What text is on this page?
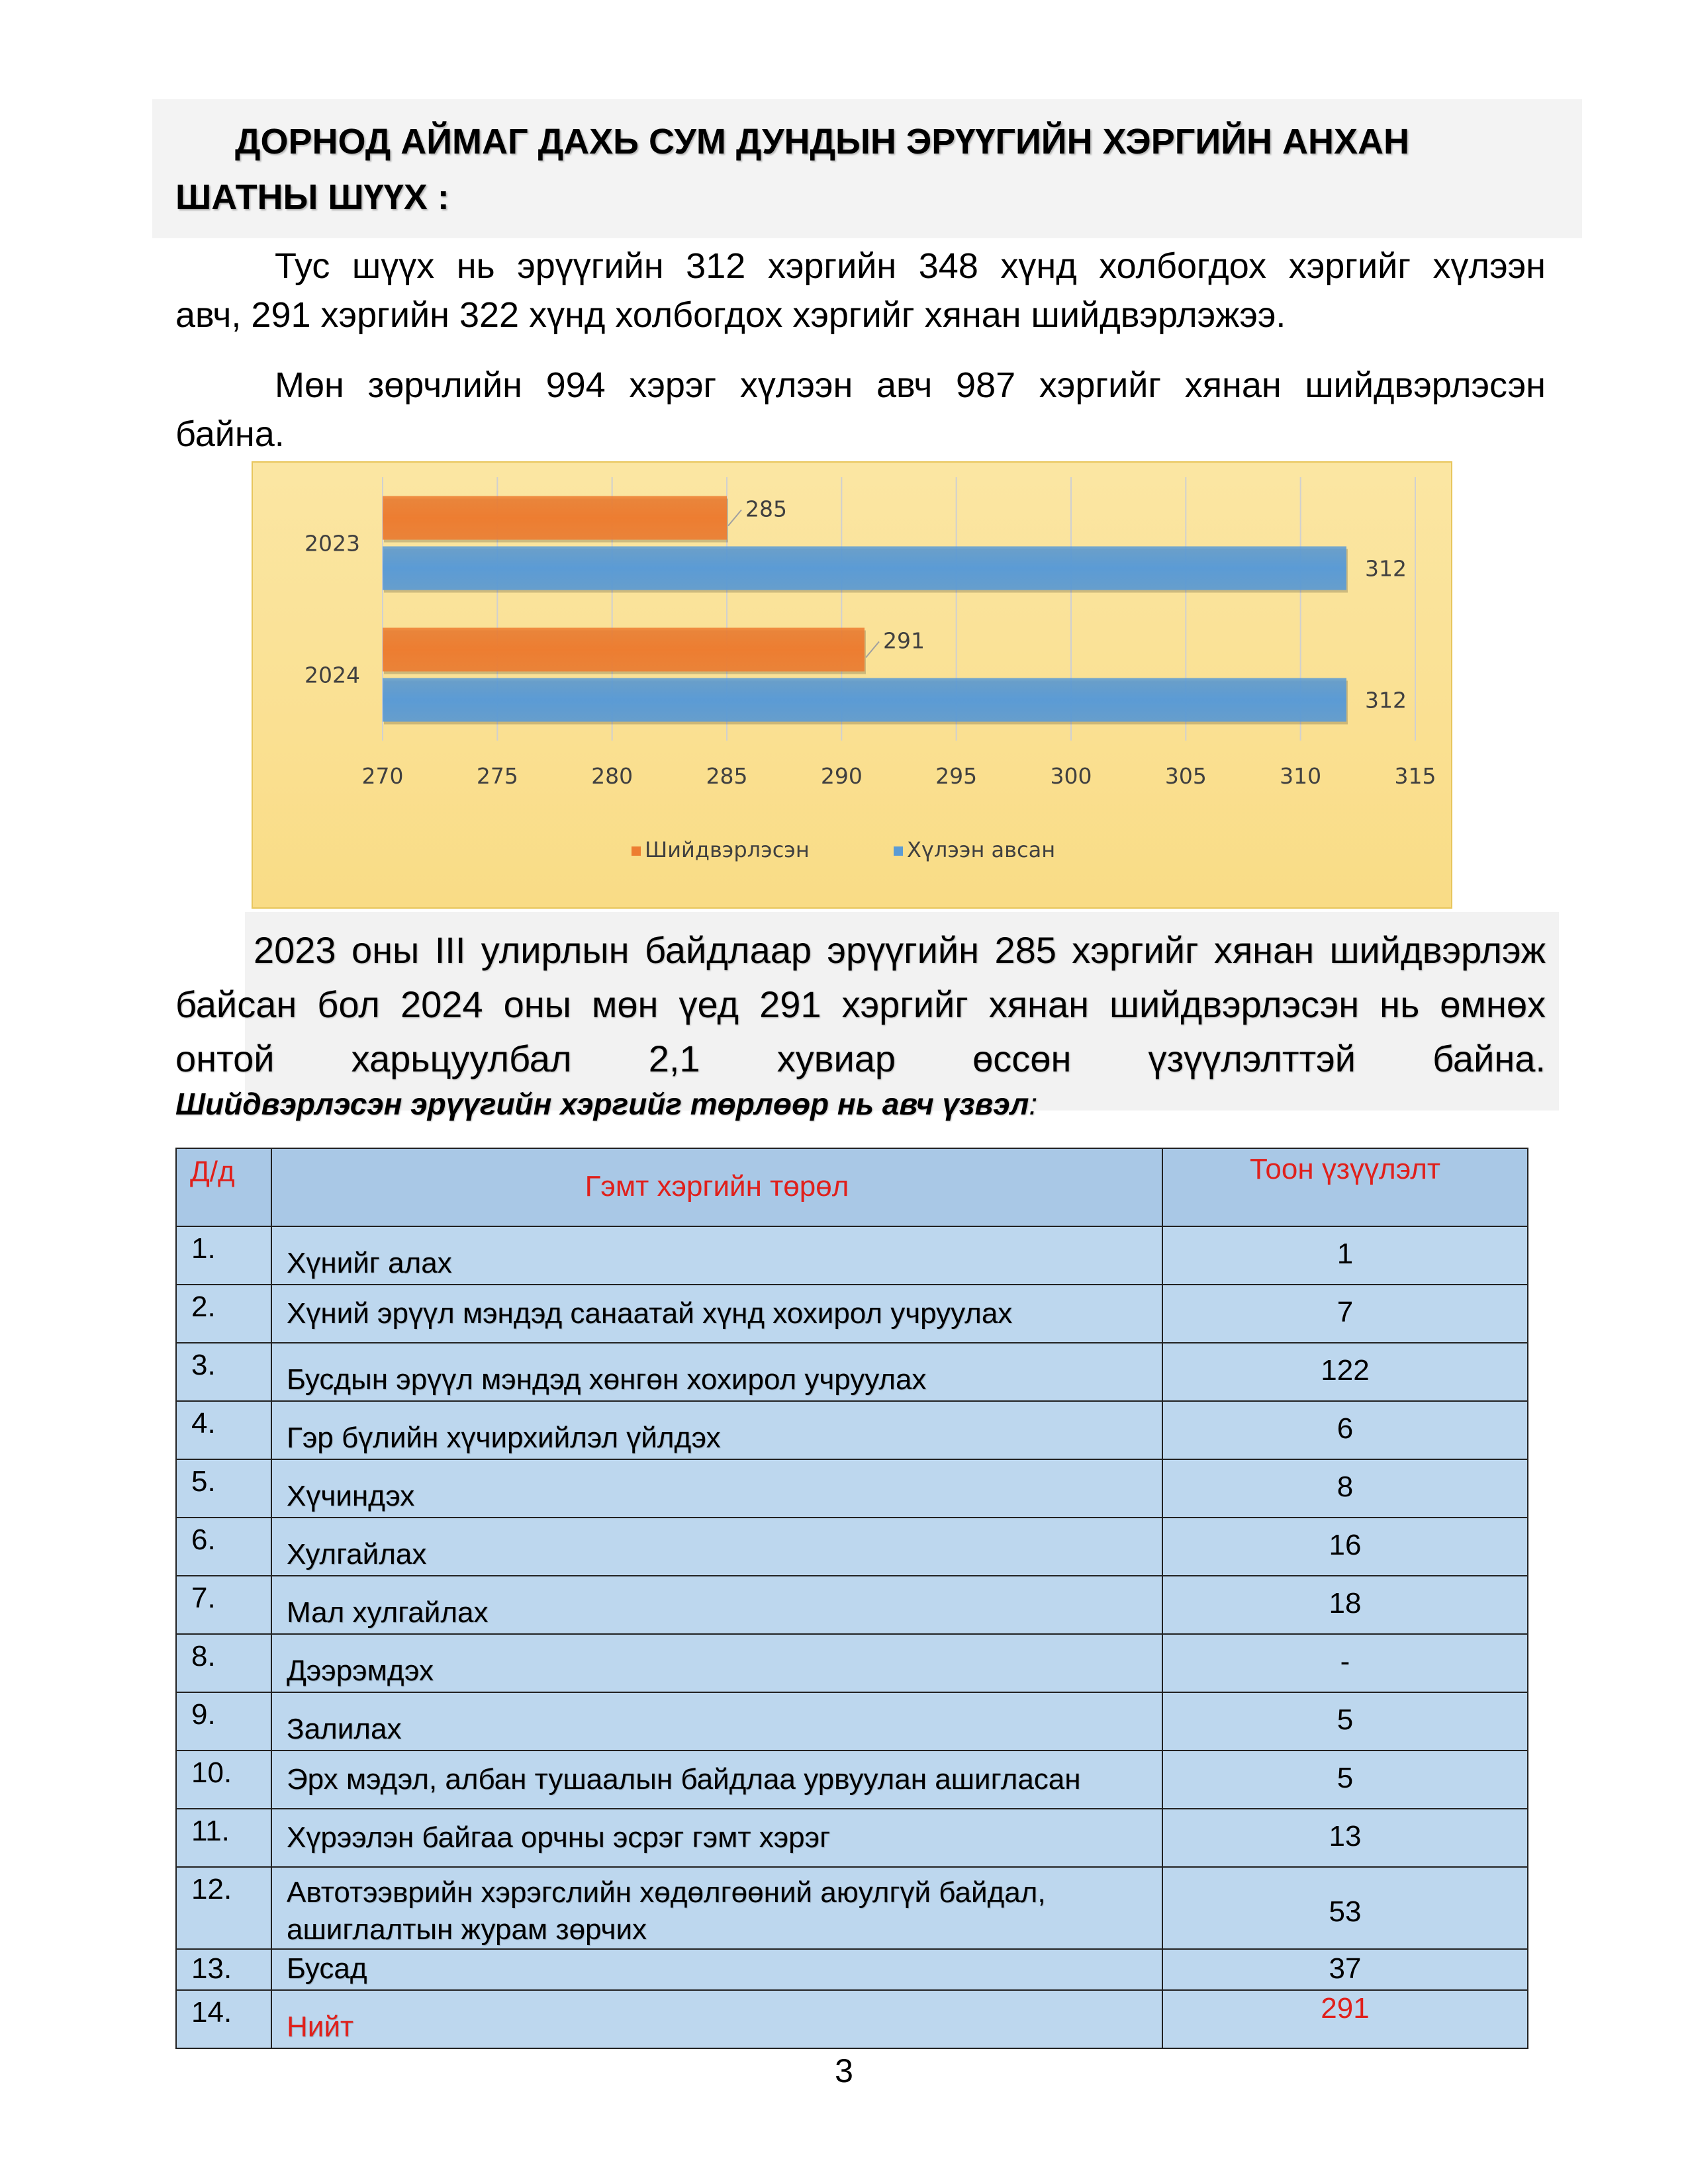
ДОРНОД АЙМАГ ДАХЬ СУМ ДУНДЫН ЭРҮҮГИЙН ХЭРГИЙН АНХАН
ШАТНЫ ШҮҮХ :
Тус шүүх нь эрүүгийн 312 хэргийн 348 хүнд холбогдох хэргийг хүлээн
авч, 291 хэргийн 322 хүнд холбогдох хэргийг хянан шийдвэрлэжээ.
Мөн зөрчлийн 994 хэрэг хүлээн авч 987 хэргийг хянан шийдвэрлэсэн
байна.
270	275	280	285	290	295	300	305	310	315
2023
285
312
2024
291
312
Шийдвэрлэсэн	Хүлээн авсан
2023 оны III улирлын байдлаар эрүүгийн 285 хэргийг хянан шийдвэрлэж
байсан бол 2024 оны мөн үед 291 хэргийг хянан шийдвэрлэсэн нь өмнөх
онтой харьцуулбал 2,1 хувиар өссөн үзүүлэлттэй байна.
Шийдвэрлэсэн эрүүгийн хэргийг төрлөөр нь авч үзвэл:
Д/д	Гэмт хэргийн төрөл	Тоон үзүүлэлт
1.	Хүнийг алах	1
2.	Хүний эрүүл мэндэд санаатай хүнд хохирол учруулах	7
3.	Бусдын эрүүл мэндэд хөнгөн хохирол учруулах	122
4.	Гэр бүлийн хүчирхийлэл үйлдэх	6
5.	Хүчиндэх	8
6.	Хулгайлах	16
7.	Мал хулгайлах	18
8.	Дээрэмдэх	-
9.	Залилах	5
10.	Эрх мэдэл, албан тушаалын байдлаа урвуулан ашигласан	5
11.	Хүрээлэн байгаа орчны эсрэг гэмт хэрэг	13
12.	Автотээврийн хэрэгслийн хөдөлгөөний аюулгүй байдал,
ашиглалтын журам зөрчих	53
13.	Бусад	37
14.	Нийт	291
3
